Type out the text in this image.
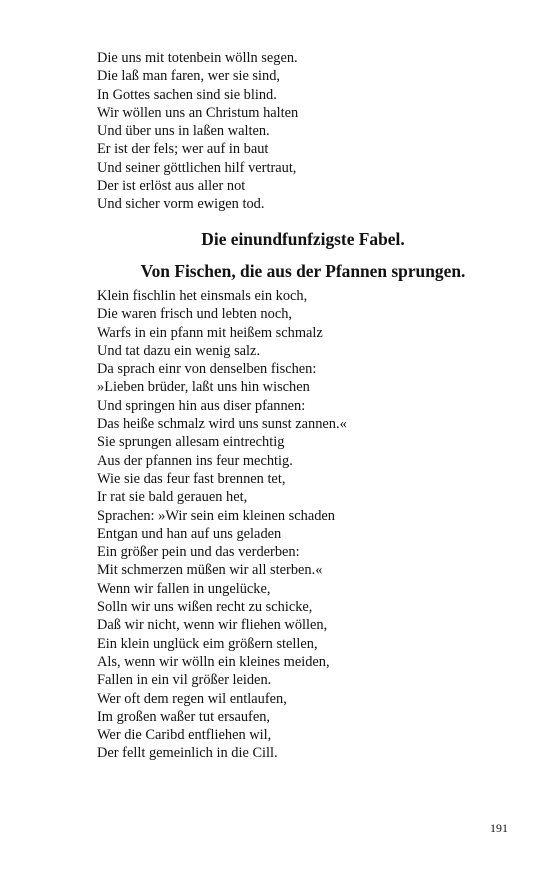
Die uns mit totenbein wölln segen.
Die laß man faren, wer sie sind,
In Gottes sachen sind sie blind.
Wir wöllen uns an Christum halten
Und über uns in laßen walten.
Er ist der fels; wer auf in baut
Und seiner göttlichen hilf vertraut,
Der ist erlöst aus aller not
Und sicher vorm ewigen tod.
Die einundfunfzigste Fabel.
Von Fischen, die aus der Pfannen sprungen.
Klein fischlin het einsmals ein koch,
Die waren frisch und lebten noch,
Warfs in ein pfann mit heißem schmalz
Und tat dazu ein wenig salz.
Da sprach einr von denselben fischen:
»Lieben brüder, laßt uns hin wischen
Und springen hin aus diser pfannen:
Das heiße schmalz wird uns sunst zannen.«
Sie sprungen allesam eintrechtig
Aus der pfannen ins feur mechtig.
Wie sie das feur fast brennen tet,
Ir rat sie bald gerauen het,
Sprachen: »Wir sein eim kleinen schaden
Entgan und han auf uns geladen
Ein größer pein und das verderben:
Mit schmerzen müßen wir all sterben.«
Wenn wir fallen in ungelücke,
Solln wir uns wißen recht zu schicke,
Daß wir nicht, wenn wir fliehen wöllen,
Ein klein unglück eim größern stellen,
Als, wenn wir wölln ein kleines meiden,
Fallen in ein vil größer leiden.
Wer oft dem regen wil entlaufen,
Im großen waßer tut ersaufen,
Wer die Caribd entfliehen wil,
Der fellt gemeinlich in die Cill.
191
